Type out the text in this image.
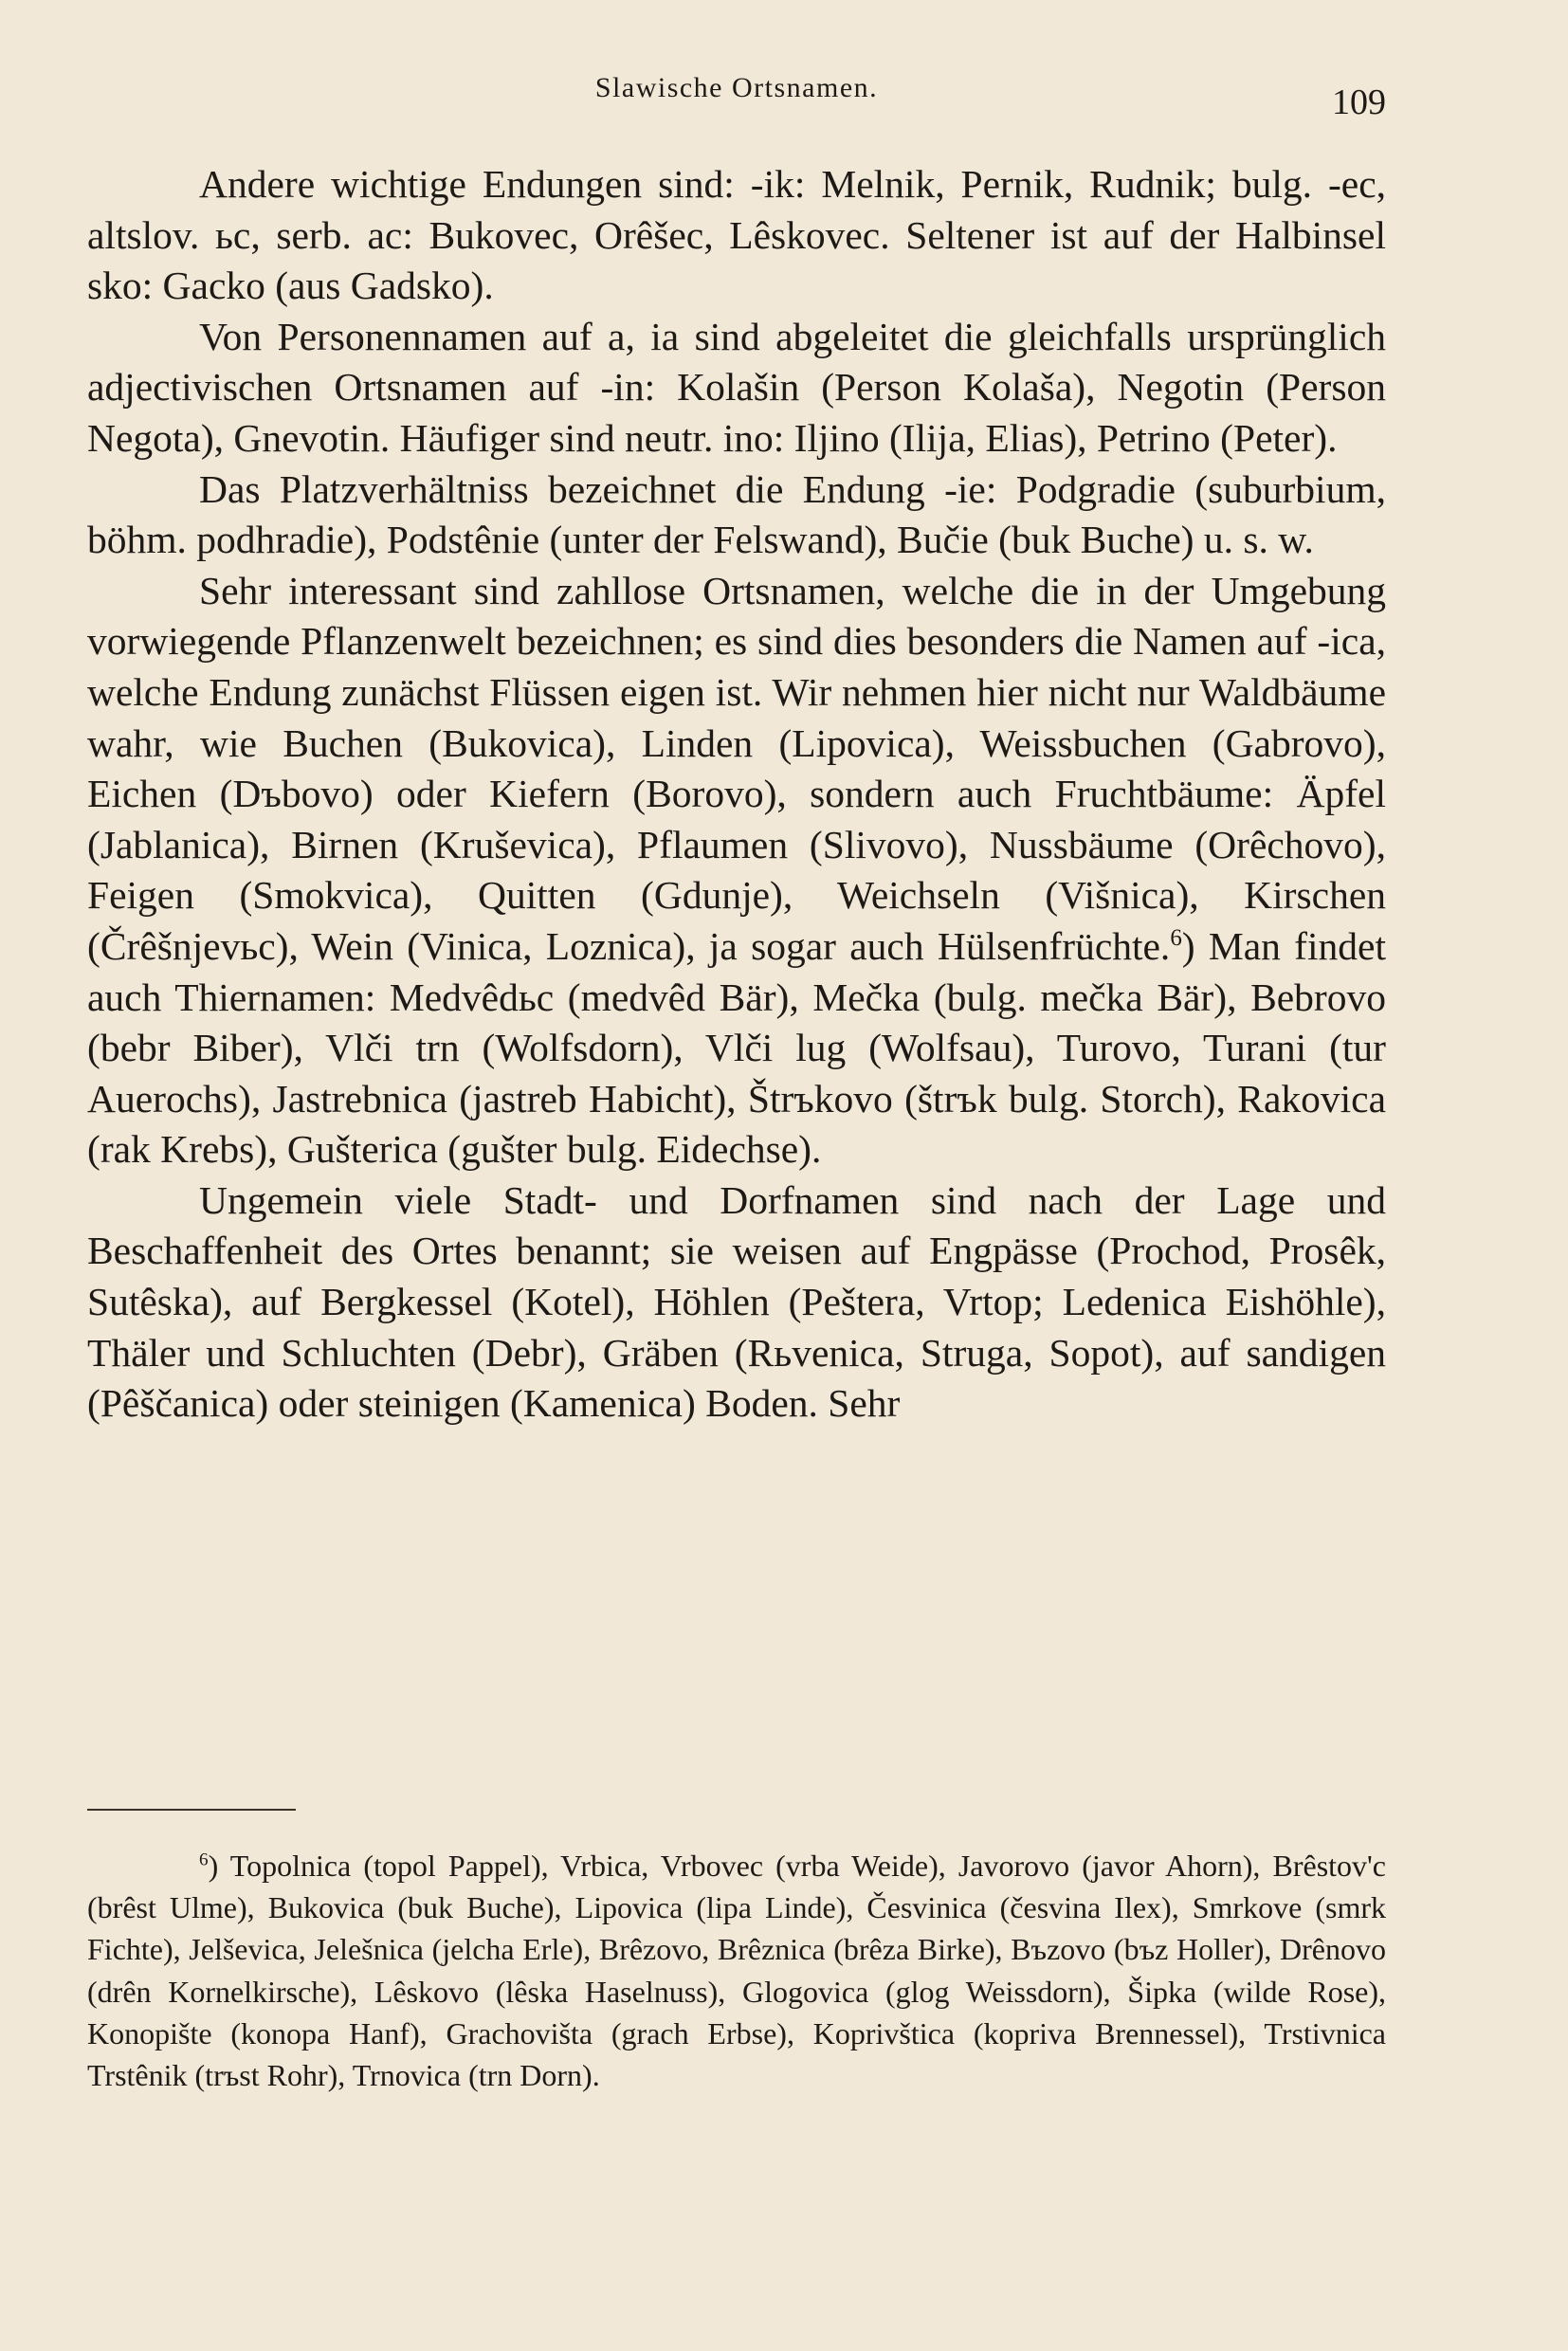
Slawische Ortsnamen.	109

Andere wichtige Endungen sind: -ik: Melnik, Pernik, Rudnik; bulg. -ec, altslov. ьc, serb. ac: Bukovec, Orêšec, Lêskovec. Seltener ist auf der Halbinsel sko: Gacko (aus Gadsko).

Von Personennamen auf a, ia sind abgeleitet die gleichfalls ursprünglich adjectivischen Ortsnamen auf -in: Kolašin (Person Kolaša), Negotin (Person Negota), Gnevotin. Häufiger sind neutr. ino: Iljino (Ilija, Elias), Petrino (Peter).

Das Platzverhältniss bezeichnet die Endung -ie: Podgradie (suburbium, böhm. podhradie), Podstênie (unter der Felswand), Bučie (buk Buche) u. s. w.

Sehr interessant sind zahllose Ortsnamen, welche die in der Umgebung vorwiegende Pflanzenwelt bezeichnen; es sind dies besonders die Namen auf -ica, welche Endung zunächst Flüssen eigen ist. Wir nehmen hier nicht nur Waldbäume wahr, wie Buchen (Bukovica), Linden (Lipovica), Weissbuchen (Gabrovo), Eichen (Dъbovo) oder Kiefern (Borovo), sondern auch Fruchtbäume: Äpfel (Jablanica), Birnen (Kruševica), Pflaumen (Slivovo), Nussbäume (Orêchovo), Feigen (Smokvica), Quitten (Gdunje), Weichseln (Višnica), Kirschen (Črêšnjevьc), Wein (Vinica, Loznica), ja sogar auch Hülsenfrüchte.$^6$) Man findet auch Thiernamen: Medvêdьc (medvêd Bär), Mečka (bulg. mečka Bär), Bebrovo (bebr Biber), Vlči trn (Wolfsdorn), Vlči lug (Wolfsau), Turovo, Turani (tur Auerochs), Jastrebnica (jastreb Habicht), Štrъkovo (štrъk bulg. Storch), Rakovica (rak Krebs), Gušterica (gušter bulg. Eidechse).

Ungemein viele Stadt- und Dorfnamen sind nach der Lage und Beschaffenheit des Ortes benannt; sie weisen auf Engpässe (Prochod, Prosêk, Sutêska), auf Bergkessel (Kotel), Höhlen (Peštera, Vrtop; Ledenica Eishöhle), Thäler und Schluchten (Debr), Gräben (Rьvenica, Struga, Sopot), auf sandigen (Pêščanica) oder steinigen (Kamenica) Boden. Sehr

$^6$) Topolnica (topol Pappel), Vrbica, Vrbovec (vrba Weide), Javorovo (javor Ahorn), Brêstov'c (brêst Ulme), Bukovica (buk Buche), Lipovica (lipa Linde), Česvinica (česvina Ilex), Smrkove (smrk Fichte), Jelševica, Jelešnica (jelcha Erle), Brêzovo, Brêznica (brêza Birke), Bъzovo (bъz Holler), Drênovo (drên Kornelkirsche), Lêskovo (lêska Haselnuss), Glogovica (glog Weissdorn), Šipka (wilde Rose), Konopište (konopa Hanf), Grachovišta (grach Erbse), Koprivštica (kopriva Brennessel), Trstivnica Trstênik (trъst Rohr), Trnovica (trn Dorn).
